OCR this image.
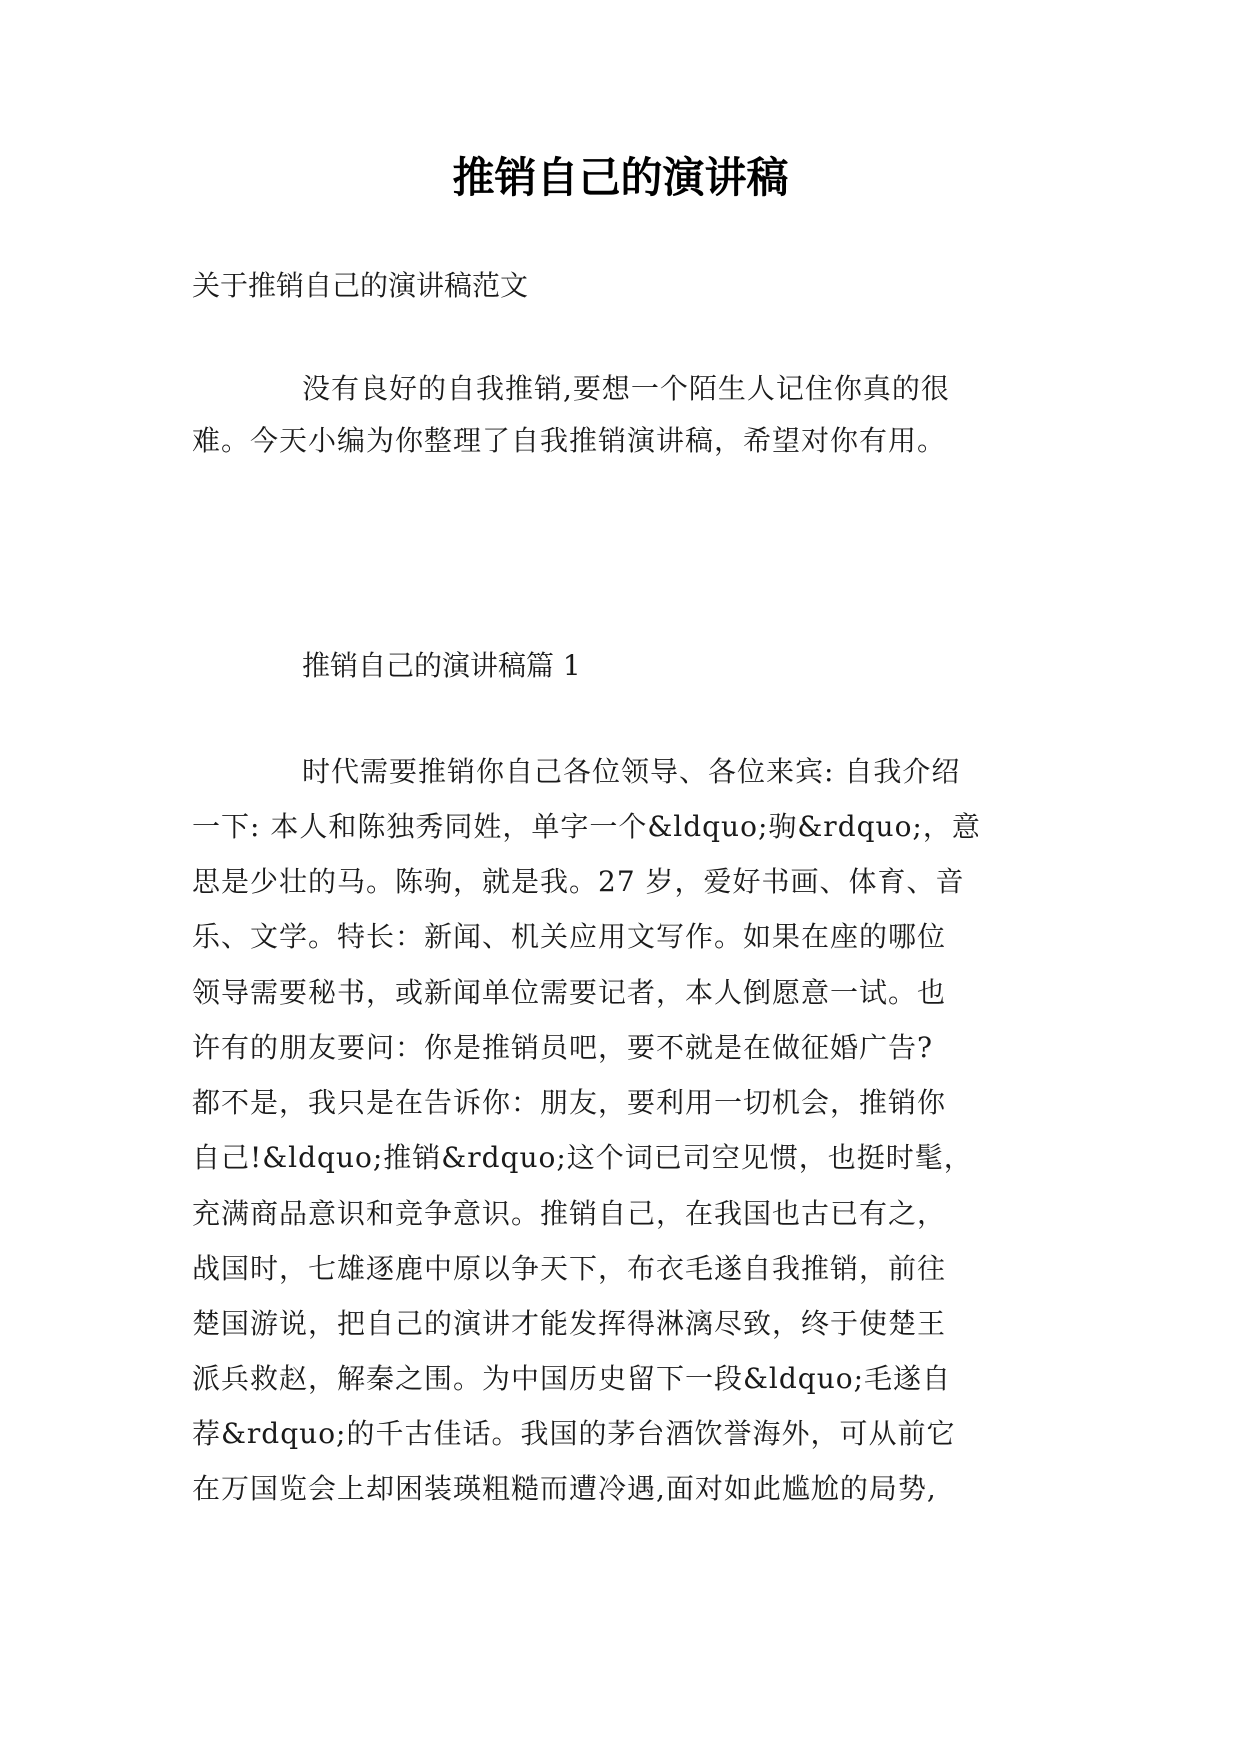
推销自己的演讲稿
关于推销自己的演讲稿范文
没有良好的自我推销,要想一个陌生人记住你真的很
难。今天小编为你整理了自我推销演讲稿，希望对你有用。
推销自己的演讲稿篇 1
时代需要推销你自己各位领导、各位来宾: 自我介绍
一下: 本人和陈独秀同姓，单字一个&ldquo;驹&rdquo;，意
思是少壮的马。陈驹，就是我。27 岁，爱好书画、体育、音
乐、文学。特长：新闻、机关应用文写作。如果在座的哪位
领导需要秘书，或新闻单位需要记者，本人倒愿意一试。也
许有的朋友要问：你是推销员吧，要不就是在做征婚广告?
都不是，我只是在告诉你：朋友，要利用一切机会，推销你
自己!&ldquo;推销&rdquo;这个词已司空见惯，也挺时髦，
充满商品意识和竞争意识。推销自己，在我国也古已有之，
战国时，七雄逐鹿中原以争天下，布衣毛遂自我推销，前往
楚国游说，把自己的演讲才能发挥得淋漓尽致，终于使楚王
派兵救赵，解秦之围。为中国历史留下一段&ldquo;毛遂自
荐&rdquo;的千古佳话。我国的茅台酒饮誉海外，可从前它
在万国览会上却困装瑛粗糙而遭冷遇,面对如此尴尬的局势,
